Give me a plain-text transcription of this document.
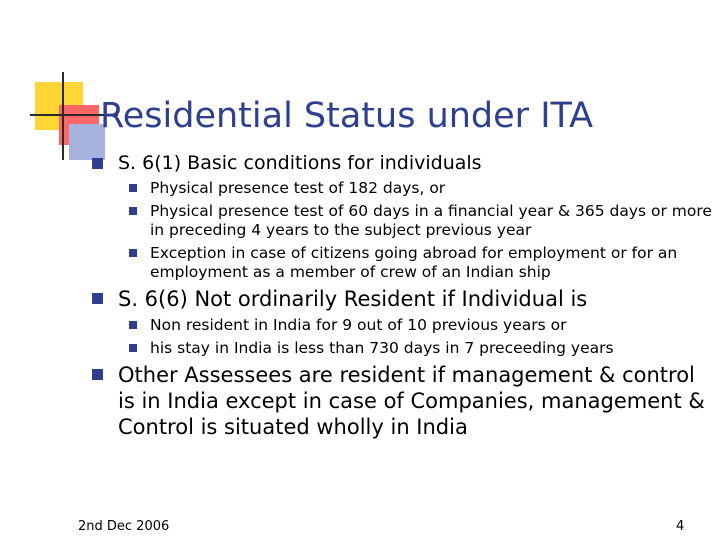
Residential Status under ITA
S. 6(1) Basic conditions for individuals
Physical presence test of 182 days, or
Physical presence test of 60 days in a financial year & 365 days or more in preceding 4 years to the subject previous year
Exception in case of citizens going abroad for employment or for an employment as a member of crew of an Indian ship
S. 6(6) Not ordinarily Resident if Individual is
Non resident in India for 9 out of 10 previous years or
his stay in India is less than 730 days in 7 preceeding years
Other Assessees are resident if management & control is in India except in case of Companies, management & Control is situated wholly in India
2nd Dec 2006	4
